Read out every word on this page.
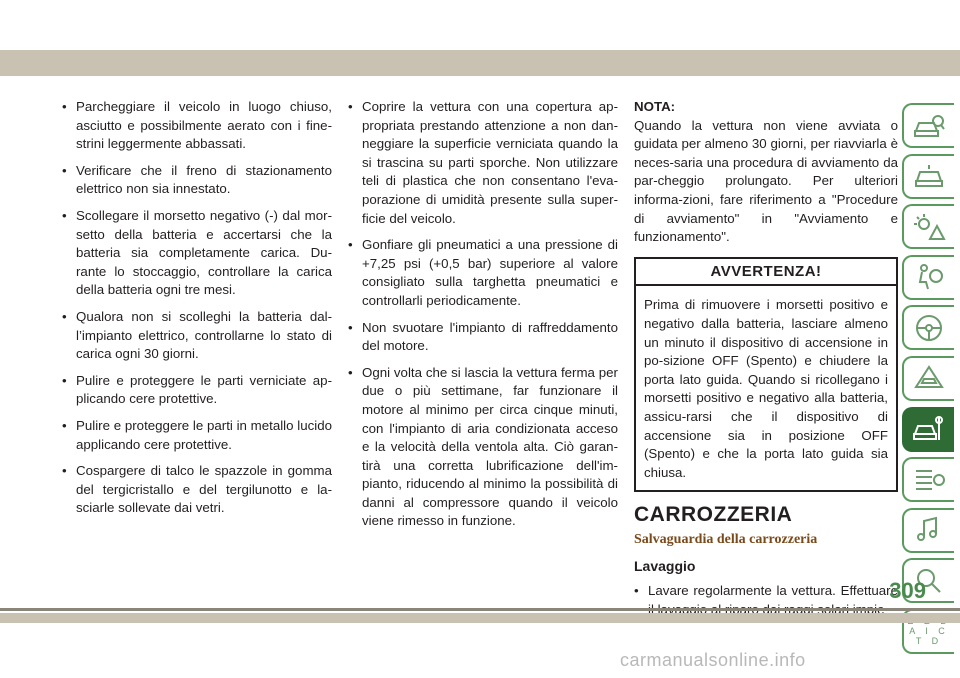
• Parcheggiare il veicolo in luogo chiuso, asciutto e possibilmente aerato con i fine-strini leggermente abbassati.
• Verificare che il freno di stazionamento elettrico non sia innestato.
• Scollegare il morsetto negativo (-) dal mor-setto della batteria e accertarsi che la batteria sia completamente carica. Du-rante lo stoccaggio, controllare la carica della batteria ogni tre mesi.
• Qualora non si scolleghi la batteria dal-l’impianto elettrico, controllarne lo stato di carica ogni 30 giorni.
• Pulire e proteggere le parti verniciate ap-plicando cere protettive.
• Pulire e proteggere le parti in metallo lucido applicando cere protettive.
• Cospargere di talco le spazzole in gomma del tergicristallo e del tergilunotto e la-sciarle sollevate dai vetri.
• Coprire la vettura con una copertura ap-propriata prestando attenzione a non dan-neggiare la superficie verniciata quando la si trascina su parti sporche. Non utilizzare teli di plastica che non consentano l'eva-porazione di umidità presente sulla super-ficie del veicolo.
• Gonfiare gli pneumatici a una pressione di +7,25 psi (+0,5 bar) superiore al valore consigliato sulla targhetta pneumatici e controllarli periodicamente.
• Non svuotare l'impianto di raffreddamento del motore.
• Ogni volta che si lascia la vettura ferma per due o più settimane, far funzionare il motore al minimo per circa cinque minuti, con l'impianto di aria condizionata acceso e la velocità della ventola alta. Ciò garan-tirà una corretta lubrificazione dell'im-pianto, riducendo al minimo la possibilità di danni al compressore quando il veicolo viene rimesso in funzione.
NOTA:

Quando la vettura non viene avviata o guidata per almeno 30 giorni, per riavviarla è neces-saria una procedura di avviamento da par-cheggio prolungato. Per ulteriori informa-zioni, fare riferimento a "Procedure di avviamento" in "Avviamento e funzionamento".

AVVERTENZA!
Prima di rimuovere i morsetti positivo e negativo dalla batteria, lasciare almeno un minuto il dispositivo di accensione in po-sizione OFF (Spento) e chiudere la porta lato guida. Quando si ricollegano i morsetti positivo e negativo alla batteria, assicu-rarsi che il dispositivo di accensione sia in posizione OFF (Spento) e che la porta lato guida sia chiusa.
CARROZZERIA
Salvaguardia della carrozzeria
Lavaggio
• Lavare regolarmente la vettura. Effettuare
A I C T D
309
carmanualsonline.info
